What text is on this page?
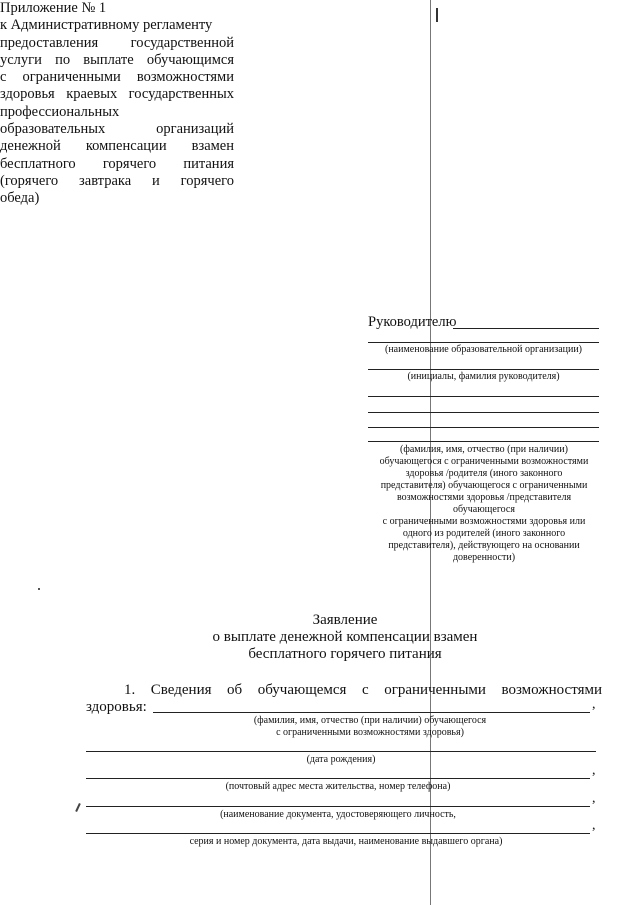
Приложение № 1
к Административному регламенту
предоставления государственной
услуги по выплате обучающимся
с ограниченными возможностями
здоровья краевых государственных
профессиональных
образовательных организаций
денежной компенсации взамен
бесплатного горячего питания
(горячего завтрака и горячего
обеда)
Руководителю
(наименование образовательной организации)
(инициалы, фамилия руководителя)
(фамилия, имя, отчество (при наличии)
обучающегося с ограниченными возможностями
здоровья /родителя (иного законного
представителя) обучающегося с ограниченными
возможностями здоровья /представителя
обучающегося
с ограниченными возможностями здоровья или
одного из родителей (иного законного
представителя), действующего на основании
доверенности)
Заявление
о выплате денежной компенсации взамен
бесплатного горячего питания
1. Сведения об обучающемся с ограниченными возможностями
здоровья:	,
(фамилия, имя, отчество (при наличии) обучающегося
с ограниченными возможностями здоровья)
(дата рождения)
,
(почтовый адрес места жительства, номер телефона)
,
(наименование документа, удостоверяющего личность,
,
серия и номер документа, дата выдачи, наименование выдавшего органа)
